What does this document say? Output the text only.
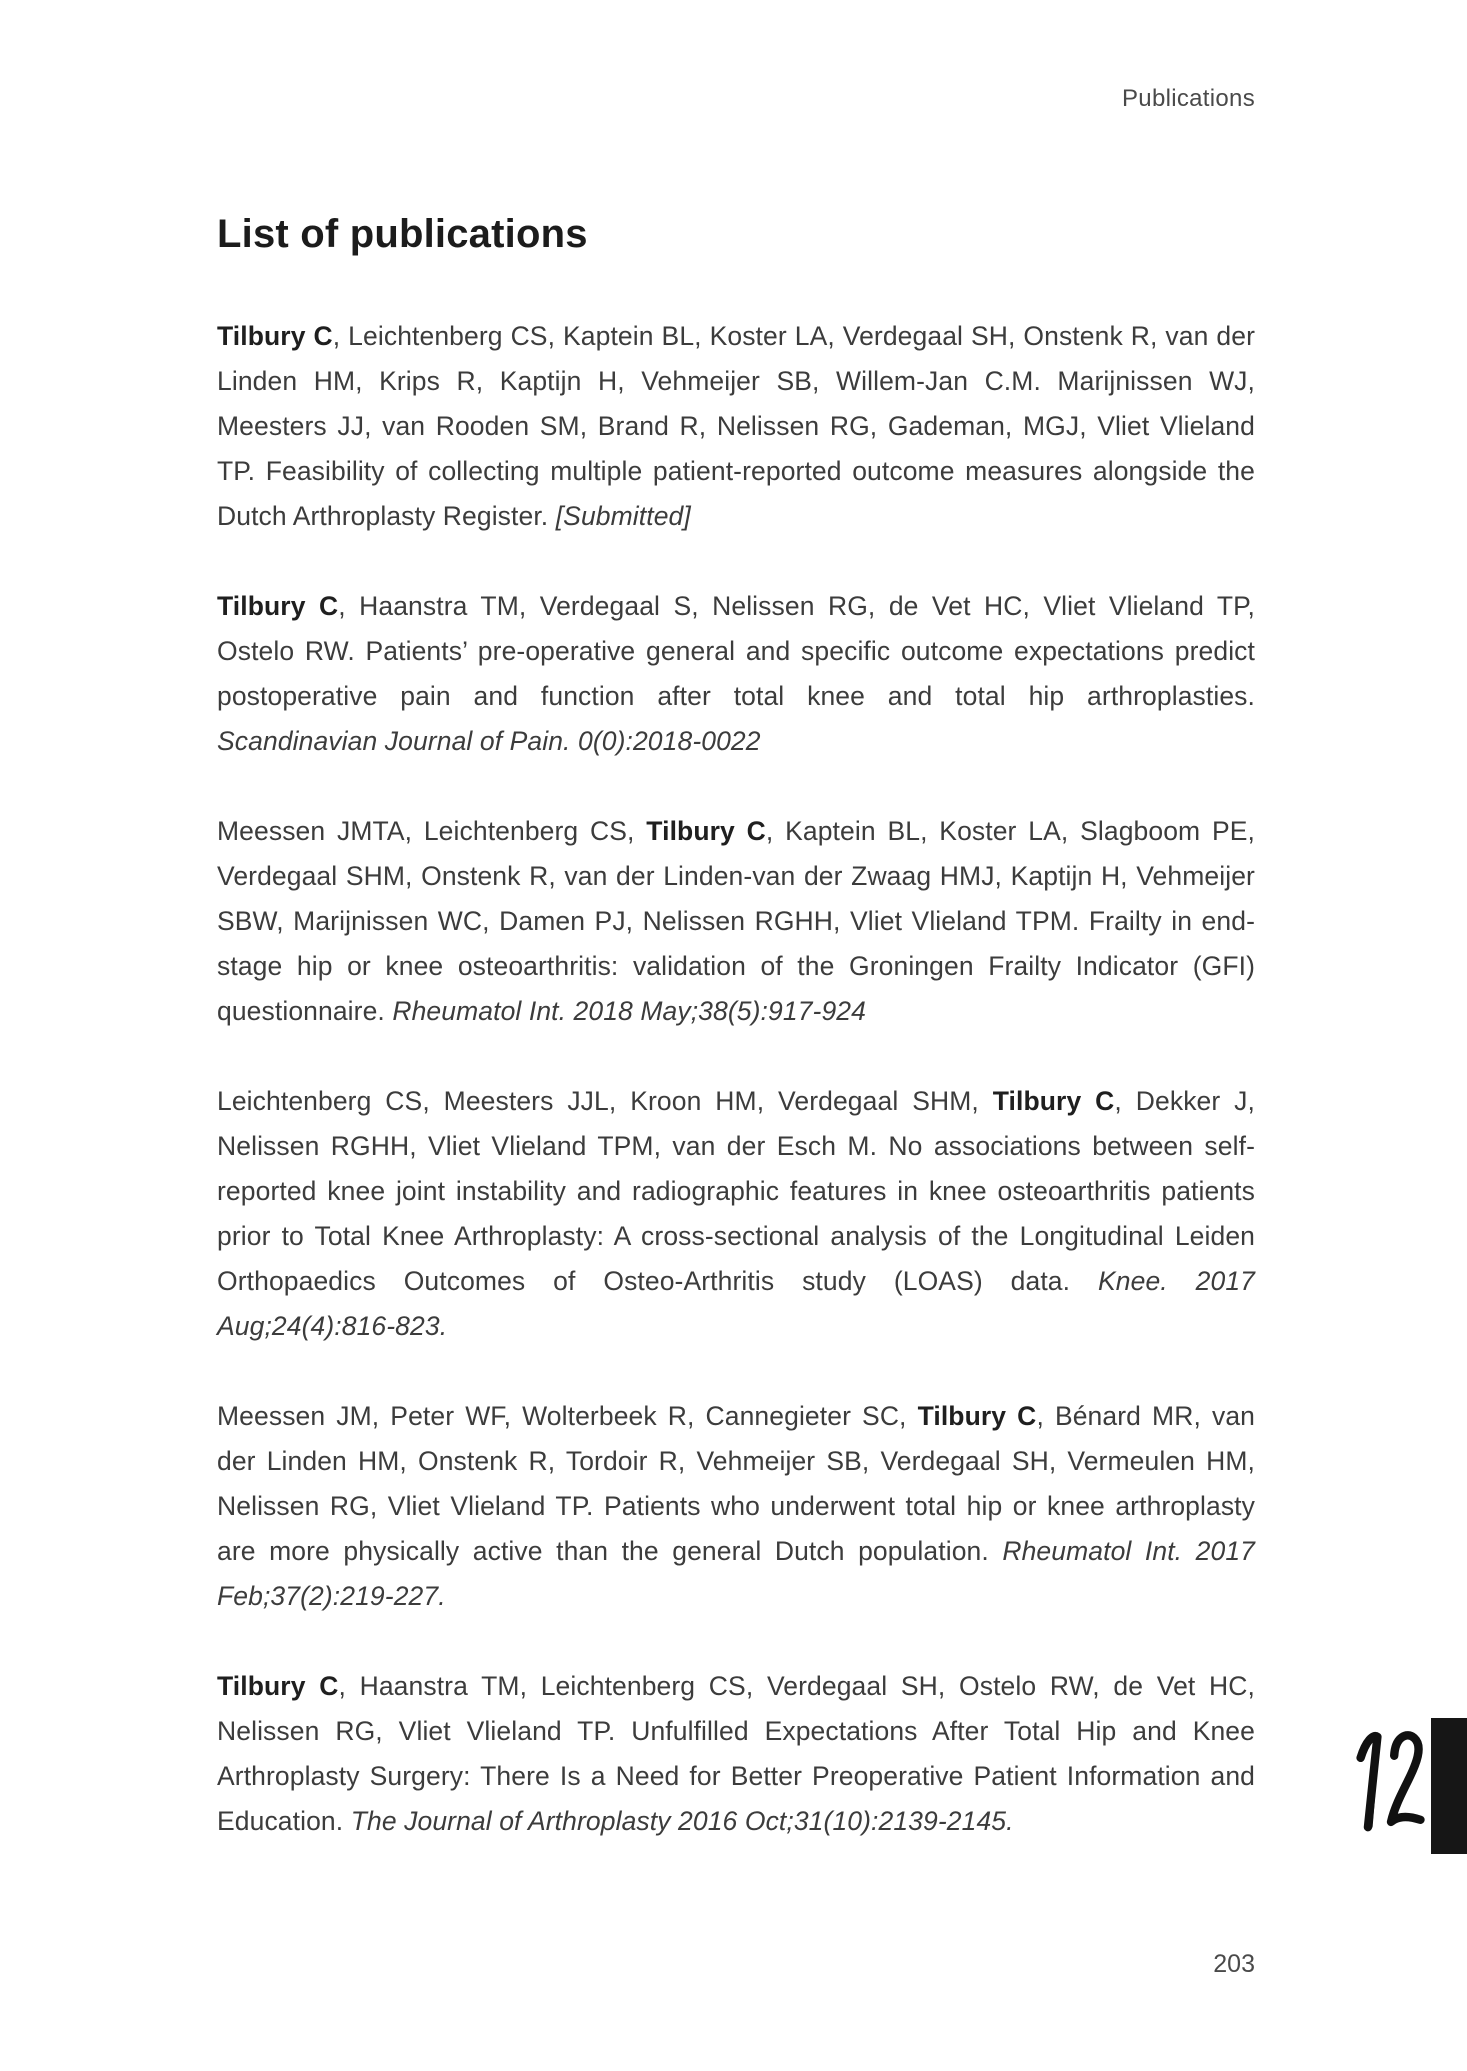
Publications
List of publications

Tilbury C, Leichtenberg CS, Kaptein BL, Koster LA, Verdegaal SH, Onstenk R, van der Linden HM, Krips R, Kaptijn H, Vehmeijer SB, Willem-Jan C.M. Marijnissen WJ, Meesters JJ, van Rooden SM, Brand R, Nelissen RG, Gademan, MGJ, Vliet Vlieland TP. Feasibility of collecting multiple patient-reported outcome measures alongside the Dutch Arthroplasty Register. [Submitted]

Tilbury C, Haanstra TM, Verdegaal S, Nelissen RG, de Vet HC, Vliet Vlieland TP, Ostelo RW. Patients’ pre-operative general and specific outcome expectations predict postoperative pain and function after total knee and total hip arthroplasties. Scandinavian Journal of Pain. 0(0):2018-0022

Meessen JMTA, Leichtenberg CS, Tilbury C, Kaptein BL, Koster LA, Slagboom PE, Verdegaal SHM, Onstenk R, van der Linden-van der Zwaag HMJ, Kaptijn H, Vehmeijer SBW, Marijnissen WC, Damen PJ, Nelissen RGHH, Vliet Vlieland TPM. Frailty in end-stage hip or knee osteoarthritis: validation of the Groningen Frailty Indicator (GFI) questionnaire. Rheumatol Int. 2018 May;38(5):917-924

Leichtenberg CS, Meesters JJL, Kroon HM, Verdegaal SHM, Tilbury C, Dekker J, Nelissen RGHH, Vliet Vlieland TPM, van der Esch M. No associations between self-reported knee joint instability and radiographic features in knee osteoarthritis patients prior to Total Knee Arthroplasty: A cross-sectional analysis of the Longitudinal Leiden Orthopaedics Outcomes of Osteo-Arthritis study (LOAS) data. Knee. 2017 Aug;24(4):816-823.

Meessen JM, Peter WF, Wolterbeek R, Cannegieter SC, Tilbury C, Bénard MR, van der Linden HM, Onstenk R, Tordoir R, Vehmeijer SB, Verdegaal SH, Vermeulen HM, Nelissen RG, Vliet Vlieland TP. Patients who underwent total hip or knee arthroplasty are more physically active than the general Dutch population. Rheumatol Int. 2017 Feb;37(2):219-227.

Tilbury C, Haanstra TM, Leichtenberg CS, Verdegaal SH, Ostelo RW, de Vet HC, Nelissen RG, Vliet Vlieland TP. Unfulfilled Expectations After Total Hip and Knee Arthroplasty Surgery: There Is a Need for Better Preoperative Patient Information and Education. The Journal of Arthroplasty 2016 Oct;31(10):2139-2145.

203
